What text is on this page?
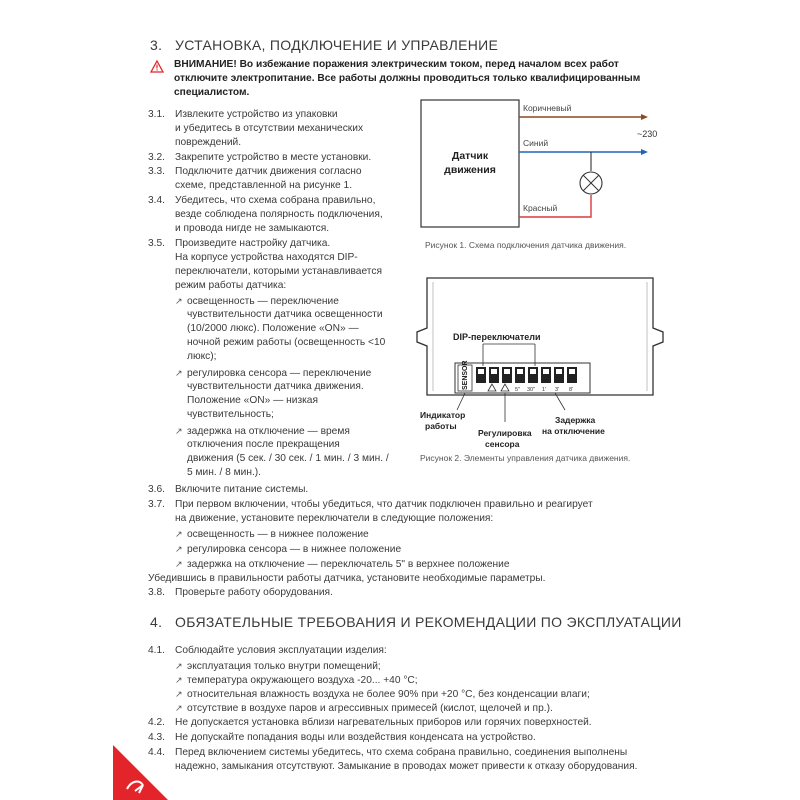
3. УСТАНОВКА, ПОДКЛЮЧЕНИЕ И УПРАВЛЕНИЕ
ВНИМАНИЕ! Во избежание поражения электрическим током, перед началом всех работ
отключите электропитание. Все работы должны проводиться только квалифицированным
специалистом.
3.1. Извлеките устройство из упаковки
и убедитесь в отсутствии механических
повреждений.
3.2. Закрепите устройство в месте установки.
3.3. Подключите датчик движения согласно
схеме, представленной на рисунке 1.
3.4. Убедитесь, что схема собрана правильно,
везде соблюдена полярность подключения,
и провода нигде не замыкаются.
3.5. Произведите настройку датчика.
На корпусе устройства находятся DIP-
переключатели, которыми устанавливается
режим работы датчика:
↗ освещенность — переключение
чувствительности датчика освещенности
(10/2000 люкс). Положение «ON» —
ночной режим работы (освещенность <10
люкс);
↗ регулировка сенсора — переключение
чувствительности датчика движения.
Положение «ON» — низкая
чувствительность;
↗ задержка на отключение — время
отключения после прекращения
движения (5 сек. / 30 сек. / 1 мин. / 3 мин. /
5 мин. / 8 мин.).
3.6. Включите питание системы.
3.7. При первом включении, чтобы убедиться, что датчик подключен правильно и реагирует
на движение, установите переключатели в следующие положения:
↗ освещенность — в нижнее положение
↗ регулировка сенсора — в нижнее положение
↗ задержка на отключение — переключатель 5" в верхнее положение
Убедившись в правильности работы датчика, установите необходимые параметры.
3.8. Проверьте работу оборудования.
4. ОБЯЗАТЕЛЬНЫЕ ТРЕБОВАНИЯ И РЕКОМЕНДАЦИИ ПО ЭКСПЛУАТАЦИИ
4.1. Соблюдайте условия эксплуатации изделия:
↗ эксплуатация только внутри помещений;
↗ температура окружающего воздуха -20... +40 °С;
↗ относительная влажность воздуха не более 90% при +20 °С, без конденсации влаги;
↗ отсутствие в воздухе паров и агрессивных примесей (кислот, щелочей и пр.).
4.2. Не допускается установка вблизи нагревательных приборов или горячих поверхностей.
4.3. Не допускайте попадания воды или воздействия конденсата на устройство.
4.4. Перед включением системы убедитесь, что схема собрана правильно, соединения выполнены
надежно, замыкания отсутствуют. Замыкание в проводах может привести к отказу оборудования.
Датчик
движения
Коричневый
Синий
Красный
~230
Рисунок 1. Схема подключения датчика движения.
SENSOR	5" 30" 1' 3' 8'
DIP-переключатели
Индикатор
работы
Регулировка
сенсора
Задержка
на отключение
Рисунок 2. Элементы управления датчика движения.
